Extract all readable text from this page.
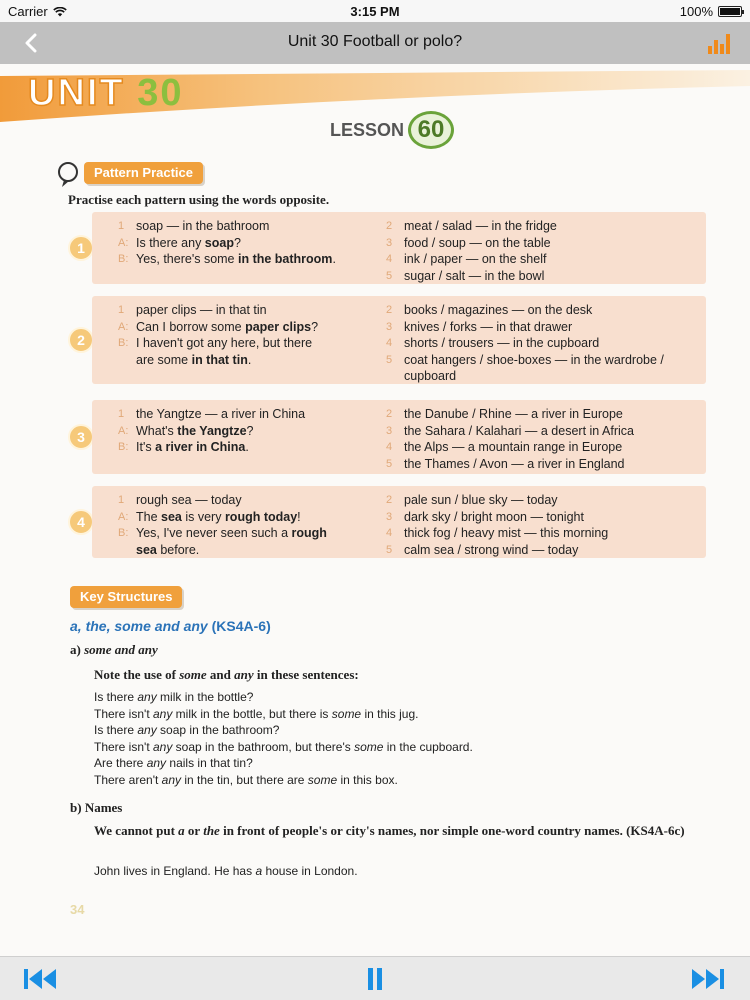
Carrier	3:15 PM	100%
Unit 30 Football or polo?
UNIT 30
LESSON 60
Pattern Practice
Practise each pattern using the words opposite.
1
1 soap — in the bathroom
A: Is there any soap?
B: Yes, there's some in the bathroom.
2 meat / salad — in the fridge
3 food / soup — on the table
4 ink / paper — on the shelf
5 sugar / salt — in the bowl
2
1 paper clips — in that tin
A: Can I borrow some paper clips?
B: I haven't got any here, but there
are some in that tin.
2 books / magazines — on the desk
3 knives / forks — in that drawer
4 shorts / trousers — in the cupboard
5 coat hangers / shoe-boxes — in the wardrobe /
cupboard
3
1 the Yangtze — a river in China
A: What's the Yangtze?
B: It's a river in China.
2 the Danube / Rhine — a river in Europe
3 the Sahara / Kalahari — a desert in Africa
4 the Alps — a mountain range in Europe
5 the Thames / Avon — a river in England
4
1 rough sea — today
A: The sea is very rough today!
B: Yes, I've never seen such a rough
sea before.
2 pale sun / blue sky — today
3 dark sky / bright moon — tonight
4 thick fog / heavy mist — this morning
5 calm sea / strong wind — today
Key Structures
a, the, some and any (KS4A-6)
a) some and any
Note the use of some and any in these sentences:
Is there any milk in the bottle?
There isn't any milk in the bottle, but there is some in this jug.
Is there any soap in the bathroom?
There isn't any soap in the bathroom, but there's some in the cupboard.
Are there any nails in that tin?
There aren't any in the tin, but there are some in this box.
b) Names
We cannot put a or the in front of people's or city's names, nor simple one-word country names. (KS4A-6c)
John lives in England. He has a house in London.
34
